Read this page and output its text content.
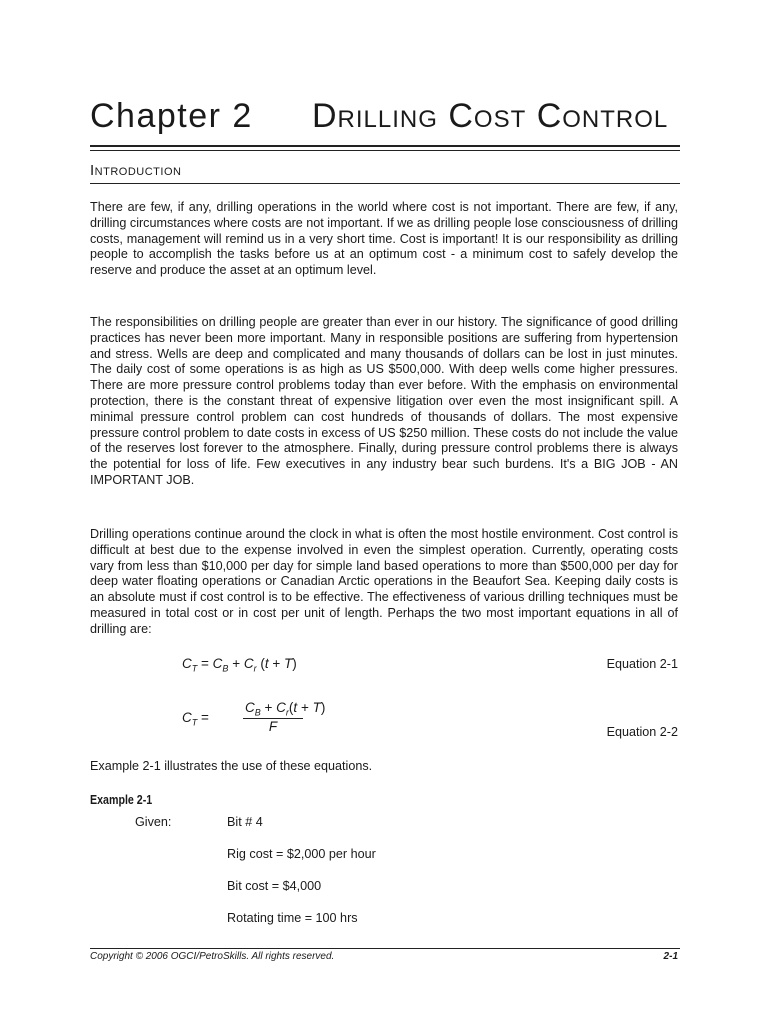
Chapter 2 Drilling Cost Control
Introduction

There are few, if any, drilling operations in the world where cost is not important. There are few, if any, drilling circumstances where costs are not important. If we as drilling people lose consciousness of drilling costs, management will remind us in a very short time. Cost is important! It is our responsibility as drilling people to accomplish the tasks before us at an optimum cost - a minimum cost to safely develop the reserve and produce the asset at an optimum level.

The responsibilities on drilling people are greater than ever in our history. The significance of good drilling practices has never been more important. Many in responsible positions are suffering from hypertension and stress. Wells are deep and complicated and many thousands of dollars can be lost in just minutes. The daily cost of some operations is as high as US $500,000. With deep wells come higher pressures. There are more pressure control problems today than ever before. With the emphasis on environmental protection, there is the constant threat of expensive litigation over even the most insignificant spill. A minimal pressure control problem can cost hundreds of thousands of dollars. The most expensive pressure control problem to date costs in excess of US $250 million. These costs do not include the value of the reserves lost forever to the atmosphere. Finally, during pressure control problems there is always the potential for loss of life. Few executives in any industry bear such burdens. It's a BIG JOB - AN IMPORTANT JOB.

Drilling operations continue around the clock in what is often the most hostile environment. Cost control is difficult at best due to the expense involved in even the simplest operation. Currently, operating costs vary from less than $10,000 per day for simple land based operations to more than $500,000 per day for deep water floating operations or Canadian Arctic operations in the Beaufort Sea. Keeping daily costs is an absolute must if cost control is to be effective. The effectiveness of various drilling techniques must be measured in total cost or in cost per unit of length. Perhaps the two most important equations in all of drilling are:

$C_T = C_B + C_r$ (t + T)	Equation 2-1
$C_T$ =	$\frac{C_B + C_r(t + T)}{F}$	Equation 2-2
Example 2-1 illustrates the use of these equations.
Example 2-1
Given:	Bit # 4
Rig cost = $2,000 per hour
Bit cost = $4,000
Rotating time = 100 hrs
Copyright © 2006 OGCI/PetroSkills. All rights reserved.	2-1
